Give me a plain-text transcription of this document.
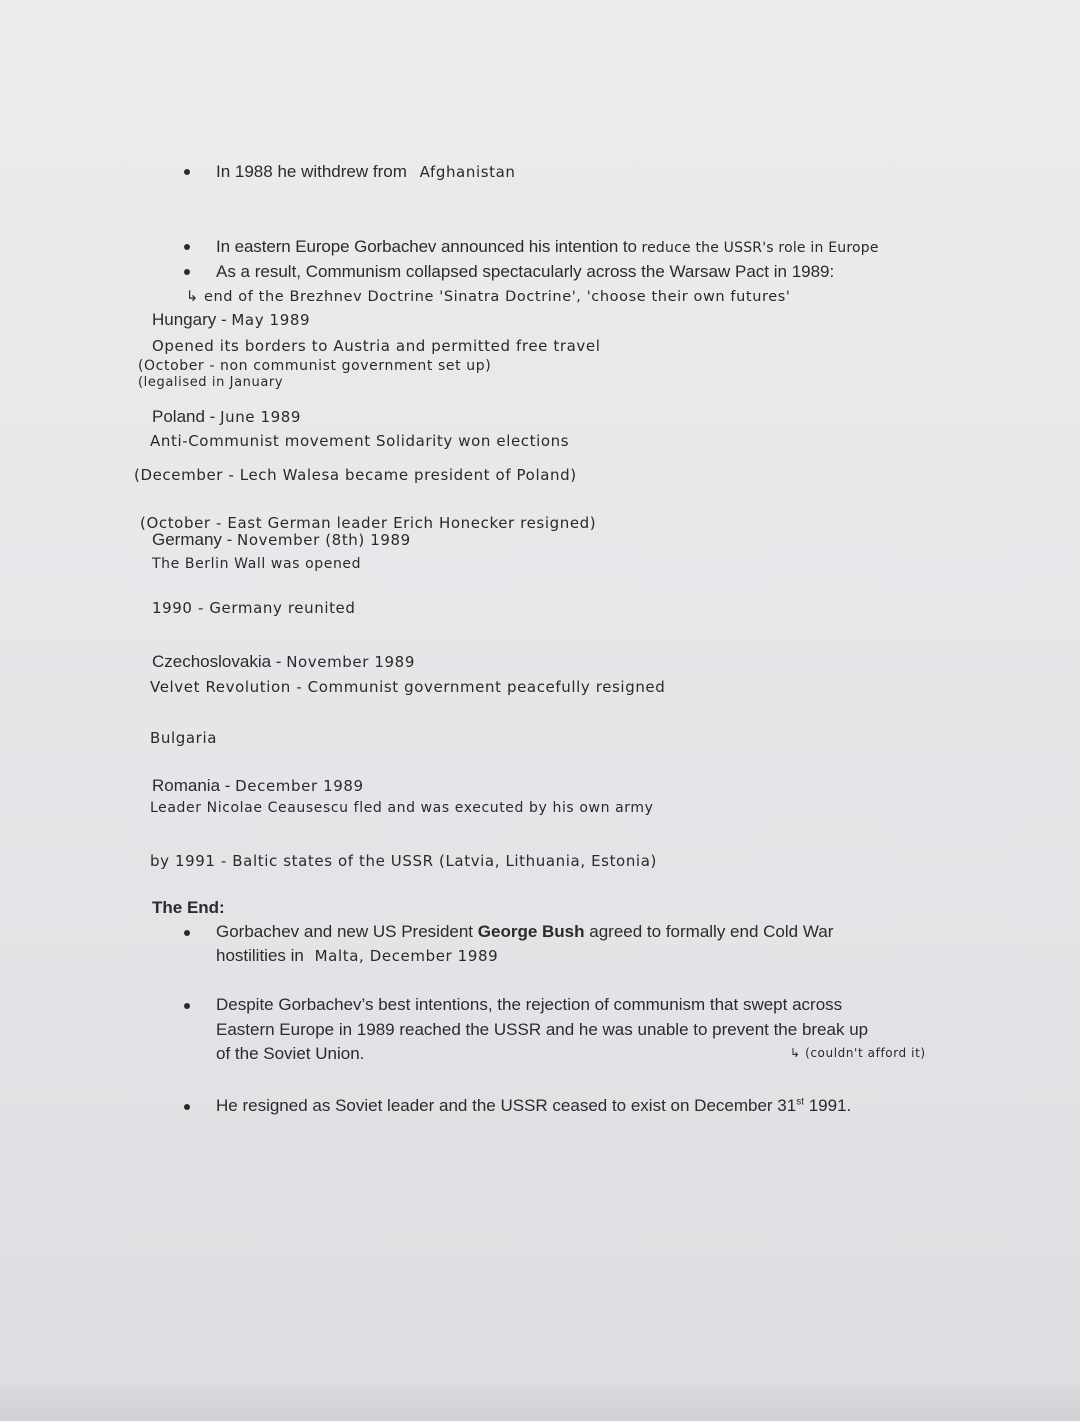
In 1988 he withdrew from Afghanistan
In eastern Europe Gorbachev announced his intention to reduce the USSR's role in Europe
As a result, Communism collapsed spectacularly across the Warsaw Pact in 1989:
↳ end of the Brezhnev Doctrine 'Sinatra Doctrine', 'choose their own futures'
Hungary - May 1989
Opened its borders to Austria and permitted free travel
(October - non communist government set up)
(legalised in January
Poland - June 1989
Anti-Communist movement Solidarity won elections
(December - Lech Walesa became president of Poland)
(October - East German leader Erich Honecker resigned)
Germany - November (8th) 1989
The Berlin Wall was opened
1990 - Germany reunited
Czechoslovakia - November 1989
Velvet Revolution - Communist government peacefully resigned
Bulgaria
Romania - December 1989
Leader Nicolae Ceausescu fled and was executed by his own army
by 1991 - Baltic states of the USSR (Latvia, Lithuania, Estonia)
The End:
Gorbachev and new US President George Bush agreed to formally end Cold War
hostilities in Malta, December 1989
Despite Gorbachev’s best intentions, the rejection of communism that swept across
Eastern Europe in 1989 reached the USSR and he was unable to prevent the break up
of the Soviet Union.	↳ (couldn't afford it)
He resigned as Soviet leader and the USSR ceased to exist on December 31st 1991.
